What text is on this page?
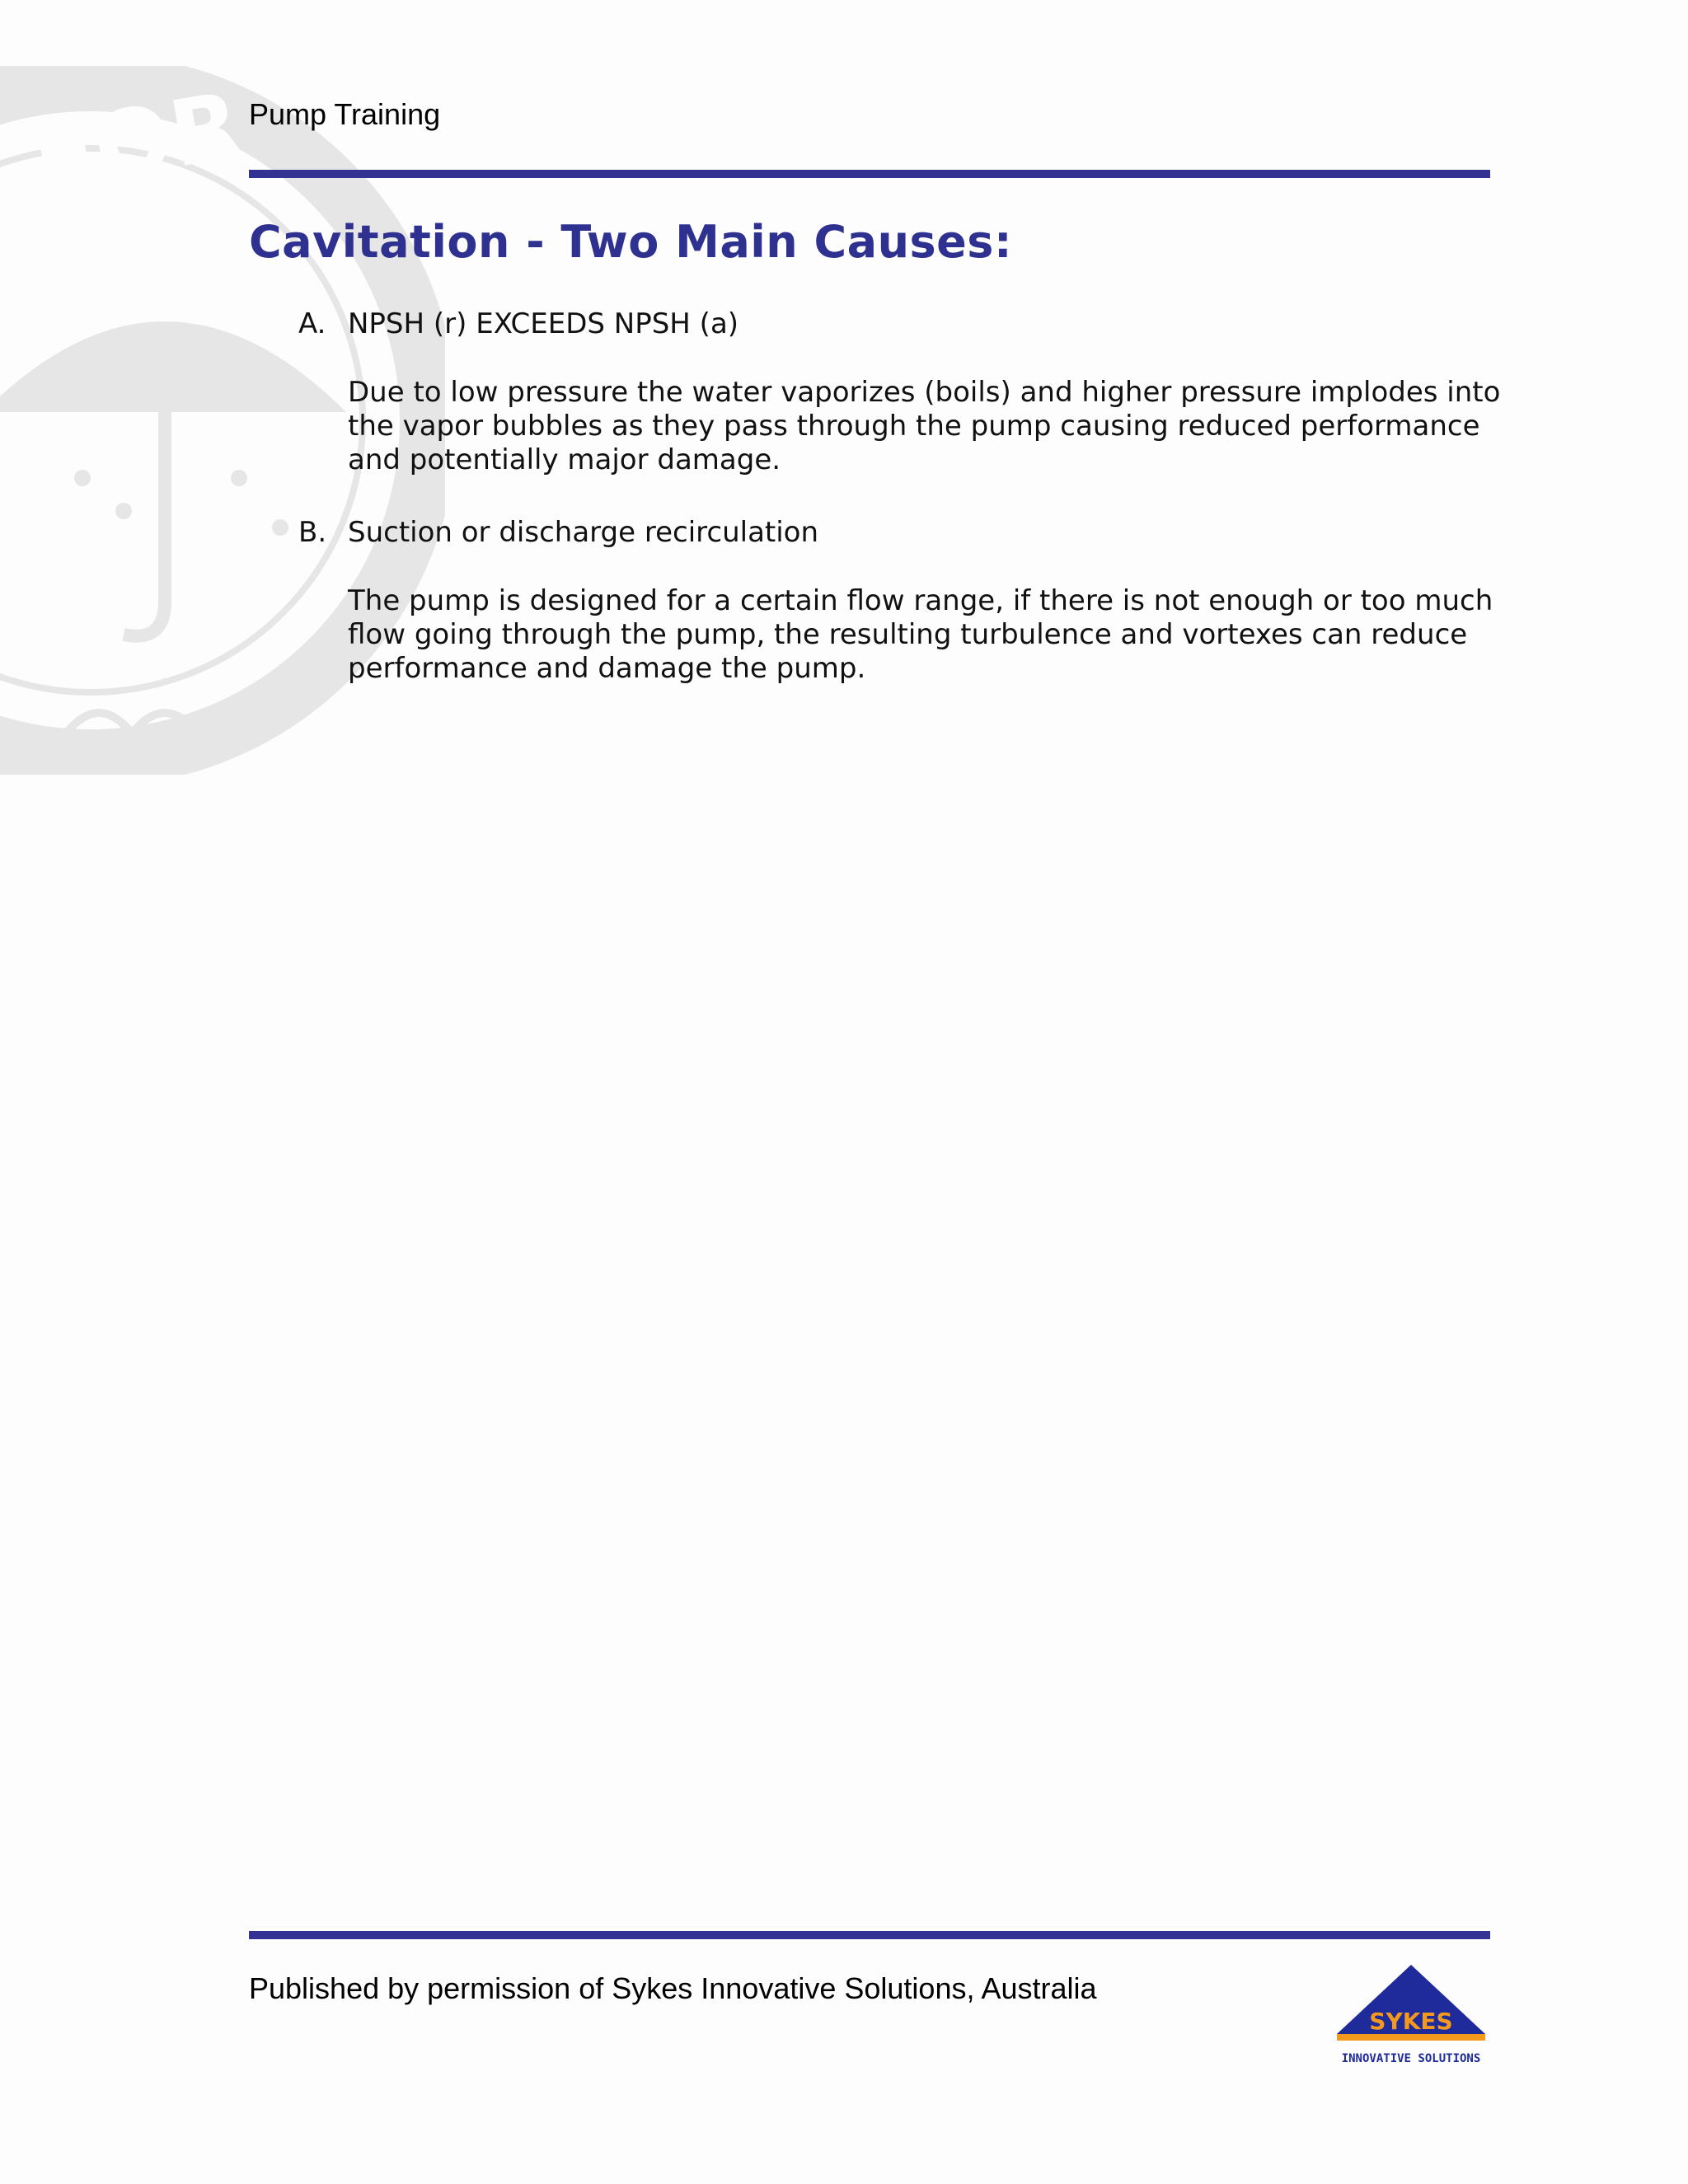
FOR Pump Training
Cavitation - Two Main Causes:
A. NPSH (r) EXCEEDS NPSH (a)
Due to low pressure the water vaporizes (boils) and higher pressure implodes into the vapor bubbles as they pass through the pump causing reduced performance and potentially major damage.
B. Suction or discharge recirculation
The pump is designed for a certain flow range, if there is not enough or too much flow going through the pump, the resulting turbulence and vortexes can reduce performance and damage the pump.
Published by permission of Sykes Innovative Solutions, Australia
SYKES
INNOVATIVE SOLUTIONS
